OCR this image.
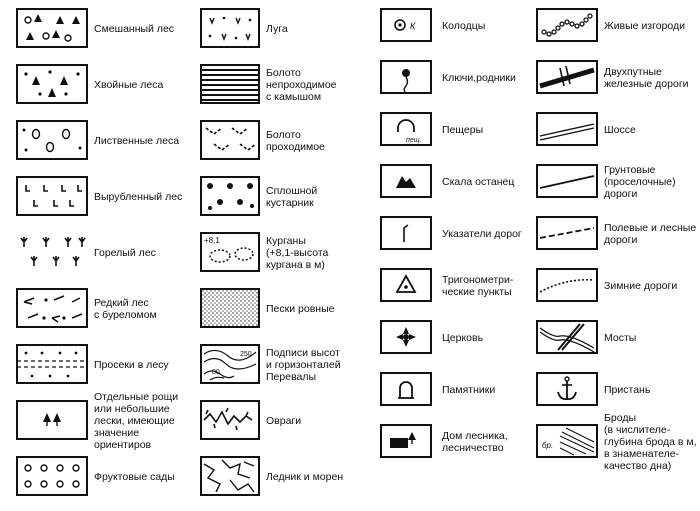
Смешанный лес
Хвойные леса
Лиственные леса
Вырубленный лес
Горелый лес
Редкий лес
с буреломом
Просеки в лесу
Отдельные рощи
или небольшие
лески, имеющие
значение
ориентиров
Фруктовые сады
Луга
Болото
непроходимое
с камышом
Болото
проходимое
Сплошной
кустарник
+8,1	Курганы
(+8,1-высота
кургана в м)
Пески ровные
250
80
Подписи высот
и горизонталей
Перевалы
Овраги
Ледник и морен
К	Колодцы
Ключи,родники
пещ.
Пещеры
Скала останец
Указатели дорог
Тригонометри-
ческие пункты
Церковь
Памятники
Дом лесника,
лесничество
Живые изгороди
Двухпутные
железные дороги
Шоссе
Грунтовые
(проселочные)
дороги
Полевые и лесные
дороги
Зимние дороги
Мосты
Пристань
бр.
Броды
(в числителе-
глубина брода в м,
в знаменателе-
качество дна)
